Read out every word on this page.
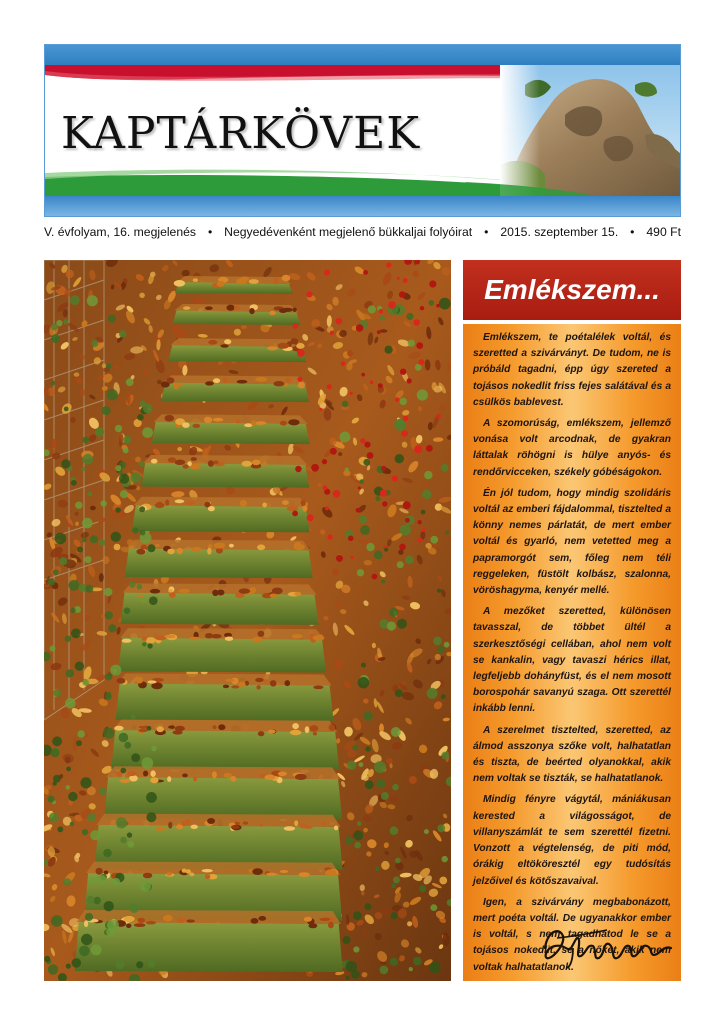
KAPTÁRKÖVEK
V. évfolyam, 16. megjelenés • Negyedévenként megjelenő bükkaljai folyóirat • 2015. szeptember 15. • 490 Ft
Emlékszem...

Emlékszem, te poétalélek voltál, és szeretted a szivárványt. De tudom, ne is próbáld tagadni, épp úgy szereted a tojásos nokedlit friss fejes salátával és a csülkös bablevest.

A szomorúság, emlékszem, jellemző vonása volt arcodnak, de gyakran láttalak röhögni is hülye anyós- és rendőrvicceken, székely góbéságokon.

Én jól tudom, hogy mindig szolidáris voltál az emberi fájdalommal, tisztelted a könny nemes párlatát, de mert ember voltál és gyarló, nem vetetted meg a papramorgót sem, főleg nem téli reggeleken, füstölt kolbász, szalonna, vöröshagyma, kenyér mellé.

A mezőket szeretted, különösen tavasszal, de többet ültél a szerkesztőségi cellában, ahol nem volt se kankalin, vagy tavaszi hérics illat, legfeljebb dohányfüst, és el nem mosott borospohár savanyú szaga. Ott szerettél inkább lenni.

A szerelmet tisztelted, szeretted, az álmod asszonya szőke volt, halhatatlan és tiszta, de beérted olyanokkal, akik nem voltak se tiszták, se halhatatlanok.

Mindig fényre vágytál, mániákusan kerested a világosságot, de villanyszámlát te sem szerettél fizetni. Vonzott a végtelenség, de piti mód, órákig eltököresztél egy tudósítás jelzőivel és kötőszavaival.

Igen, a szivárvány megbabonázott, mert poéta voltál. De ugyanakkor ember is voltál, s nem tagadhatod le se a tojásos nokedlit, se a nőket, akik nem voltak halhatatlanok.
